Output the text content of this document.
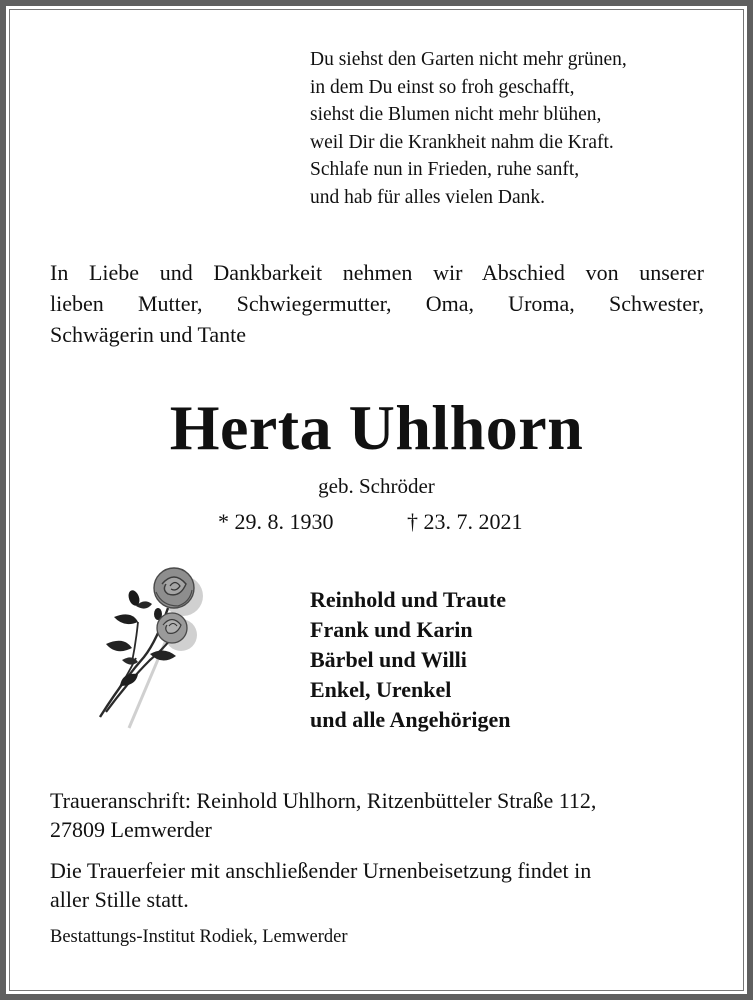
Du siehst den Garten nicht mehr grünen,
in dem Du einst so froh geschafft,
siehst die Blumen nicht mehr blühen,
weil Dir die Krankheit nahm die Kraft.
Schlafe nun in Frieden, ruhe sanft,
und hab für alles vielen Dank.
In Liebe und Dankbarkeit nehmen wir Abschied von unserer
lieben Mutter, Schwiegermutter, Oma, Uroma, Schwester,
Schwägerin und Tante
Herta Uhlhorn
geb. Schröder
* 29. 8. 1930	† 23. 7. 2021
Reinhold und Traute
Frank und Karin
Bärbel und Willi
Enkel, Urenkel
und alle Angehörigen
Traueranschrift: Reinhold Uhlhorn, Ritzenbütteler Straße 112,
27809 Lemwerder
Die Trauerfeier mit anschließender Urnenbeisetzung findet in
aller Stille statt.
Bestattungs-Institut Rodiek, Lemwerder
